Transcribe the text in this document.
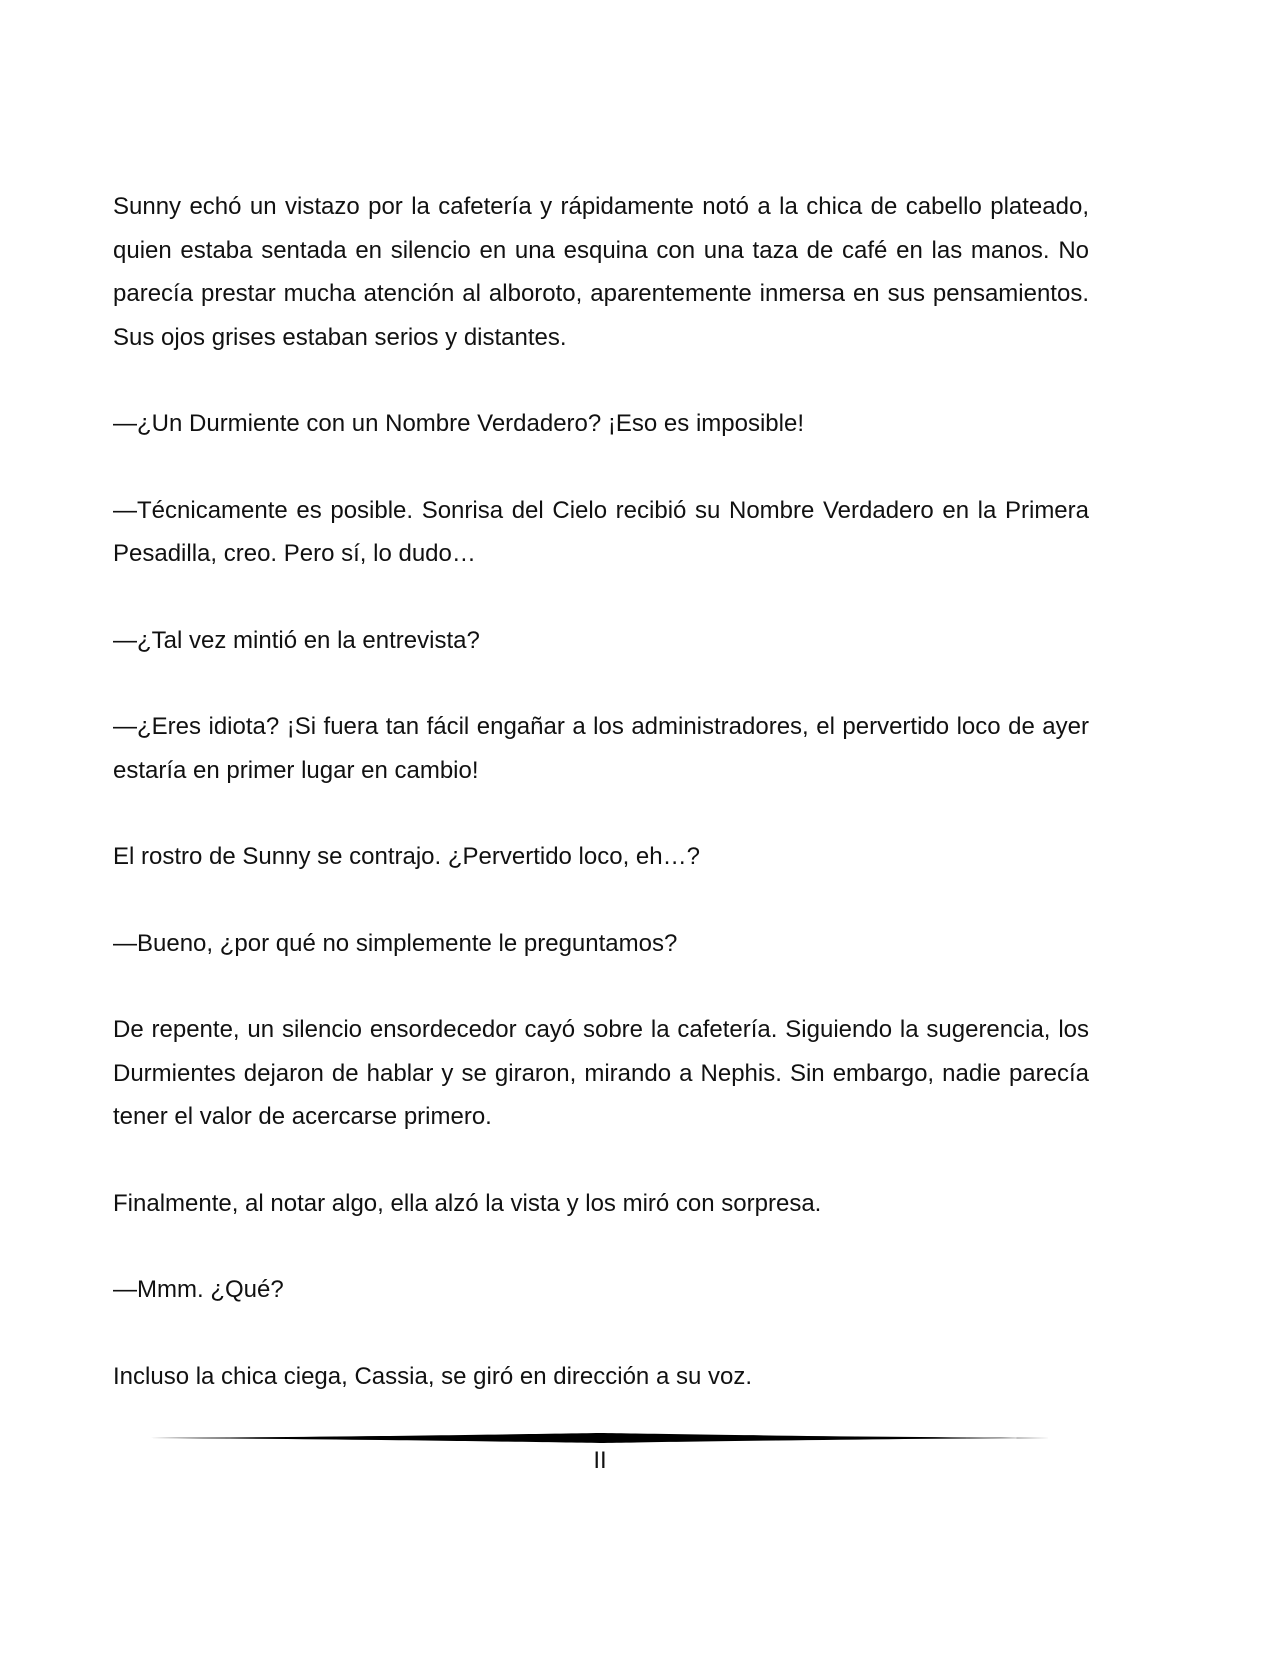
Sunny echó un vistazo por la cafetería y rápidamente notó a la chica de cabello plateado, quien estaba sentada en silencio en una esquina con una taza de café en las manos. No parecía prestar mucha atención al alboroto, aparentemente inmersa en sus pensamientos. Sus ojos grises estaban serios y distantes.

—¿Un Durmiente con un Nombre Verdadero? ¡Eso es imposible!

—Técnicamente es posible. Sonrisa del Cielo recibió su Nombre Verdadero en la Primera Pesadilla, creo. Pero sí, lo dudo…

—¿Tal vez mintió en la entrevista?

—¿Eres idiota? ¡Si fuera tan fácil engañar a los administradores, el pervertido loco de ayer estaría en primer lugar en cambio!

El rostro de Sunny se contrajo. ¿Pervertido loco, eh…?

—Bueno, ¿por qué no simplemente le preguntamos?

De repente, un silencio ensordecedor cayó sobre la cafetería. Siguiendo la sugerencia, los Durmientes dejaron de hablar y se giraron, mirando a Nephis. Sin embargo, nadie parecía tener el valor de acercarse primero.

Finalmente, al notar algo, ella alzó la vista y los miró con sorpresa.

—Mmm. ¿Qué?

Incluso la chica ciega, Cassia, se giró en dirección a su voz.

II
